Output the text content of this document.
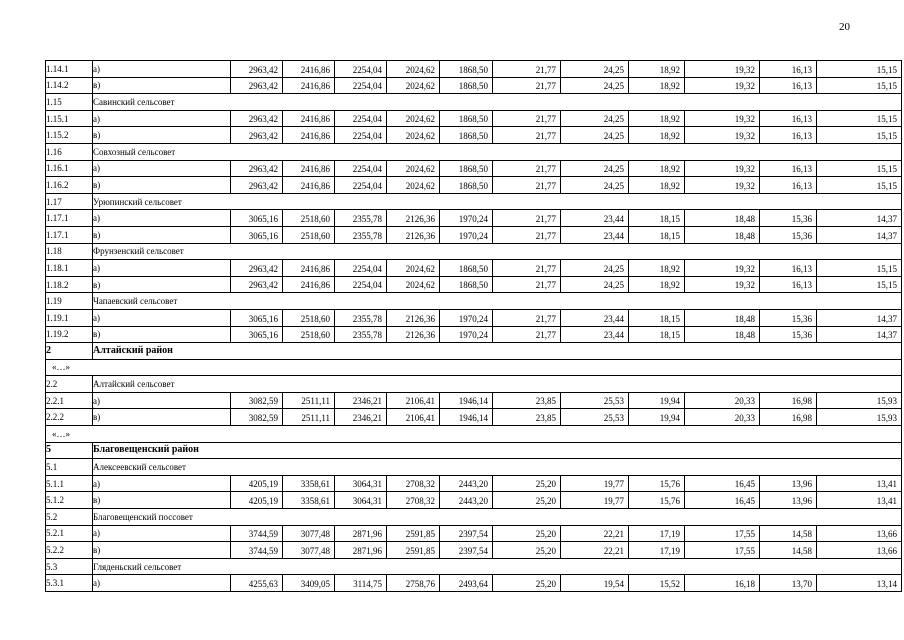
20
1.14.1	а)	2963,42	2416,86	2254,04	2024,62	1868,50	21,77	24,25	18,92	19,32	16,13	15,15
1.14.2	в)	2963,42	2416,86	2254,04	2024,62	1868,50	21,77	24,25	18,92	19,32	16,13	15,15
1.15	Савинский сельсовет											
1.15.1	а)	2963,42	2416,86	2254,04	2024,62	1868,50	21,77	24,25	18,92	19,32	16,13	15,15
1.15.2	в)	2963,42	2416,86	2254,04	2024,62	1868,50	21,77	24,25	18,92	19,32	16,13	15,15
1.16	Совхозный сельсовет											
1.16.1	а)	2963,42	2416,86	2254,04	2024,62	1868,50	21,77	24,25	18,92	19,32	16,13	15,15
1.16.2	в)	2963,42	2416,86	2254,04	2024,62	1868,50	21,77	24,25	18,92	19,32	16,13	15,15
1.17	Урюпинский сельсовет											
1.17.1	а)	3065,16	2518,60	2355,78	2126,36	1970,24	21,77	23,44	18,15	18,48	15,36	14,37
1.17.1	в)	3065,16	2518,60	2355,78	2126,36	1970,24	21,77	23,44	18,15	18,48	15,36	14,37
1.18	Фрунзенский сельсовет											
1.18.1	а)	2963,42	2416,86	2254,04	2024,62	1868,50	21,77	24,25	18,92	19,32	16,13	15,15
1.18.2	в)	2963,42	2416,86	2254,04	2024,62	1868,50	21,77	24,25	18,92	19,32	16,13	15,15
1.19	Чапаевский сельсовет											
1.19.1	а)	3065,16	2518,60	2355,78	2126,36	1970,24	21,77	23,44	18,15	18,48	15,36	14,37
1.19.2	в)	3065,16	2518,60	2355,78	2126,36	1970,24	21,77	23,44	18,15	18,48	15,36	14,37
2	Алтайский район											
«…»												
2.2	Алтайский сельсовет											
2.2.1	а)	3082,59	2511,11	2346,21	2106,41	1946,14	23,85	25,53	19,94	20,33	16,98	15,93
2.2.2	в)	3082,59	2511,11	2346,21	2106,41	1946,14	23,85	25,53	19,94	20,33	16,98	15,93
«…»												
5	Благовещенский район											
5.1	Алексеевский сельсовет											
5.1.1	а)	4205,19	3358,61	3064,31	2708,32	2443,20	25,20	19,77	15,76	16,45	13,96	13,41
5.1.2	в)	4205,19	3358,61	3064,31	2708,32	2443,20	25,20	19,77	15,76	16,45	13,96	13,41
5.2	Благовещенский поссовет											
5.2.1	а)	3744,59	3077,48	2871,96	2591,85	2397,54	25,20	22,21	17,19	17,55	14,58	13,66
5.2.2	в)	3744,59	3077,48	2871,96	2591,85	2397,54	25,20	22,21	17,19	17,55	14,58	13,66
5.3	Гляденьский сельсовет											
5.3.1	а)	4255,63	3409,05	3114,75	2758,76	2493,64	25,20	19,54	15,52	16,18	13,70	13,14
